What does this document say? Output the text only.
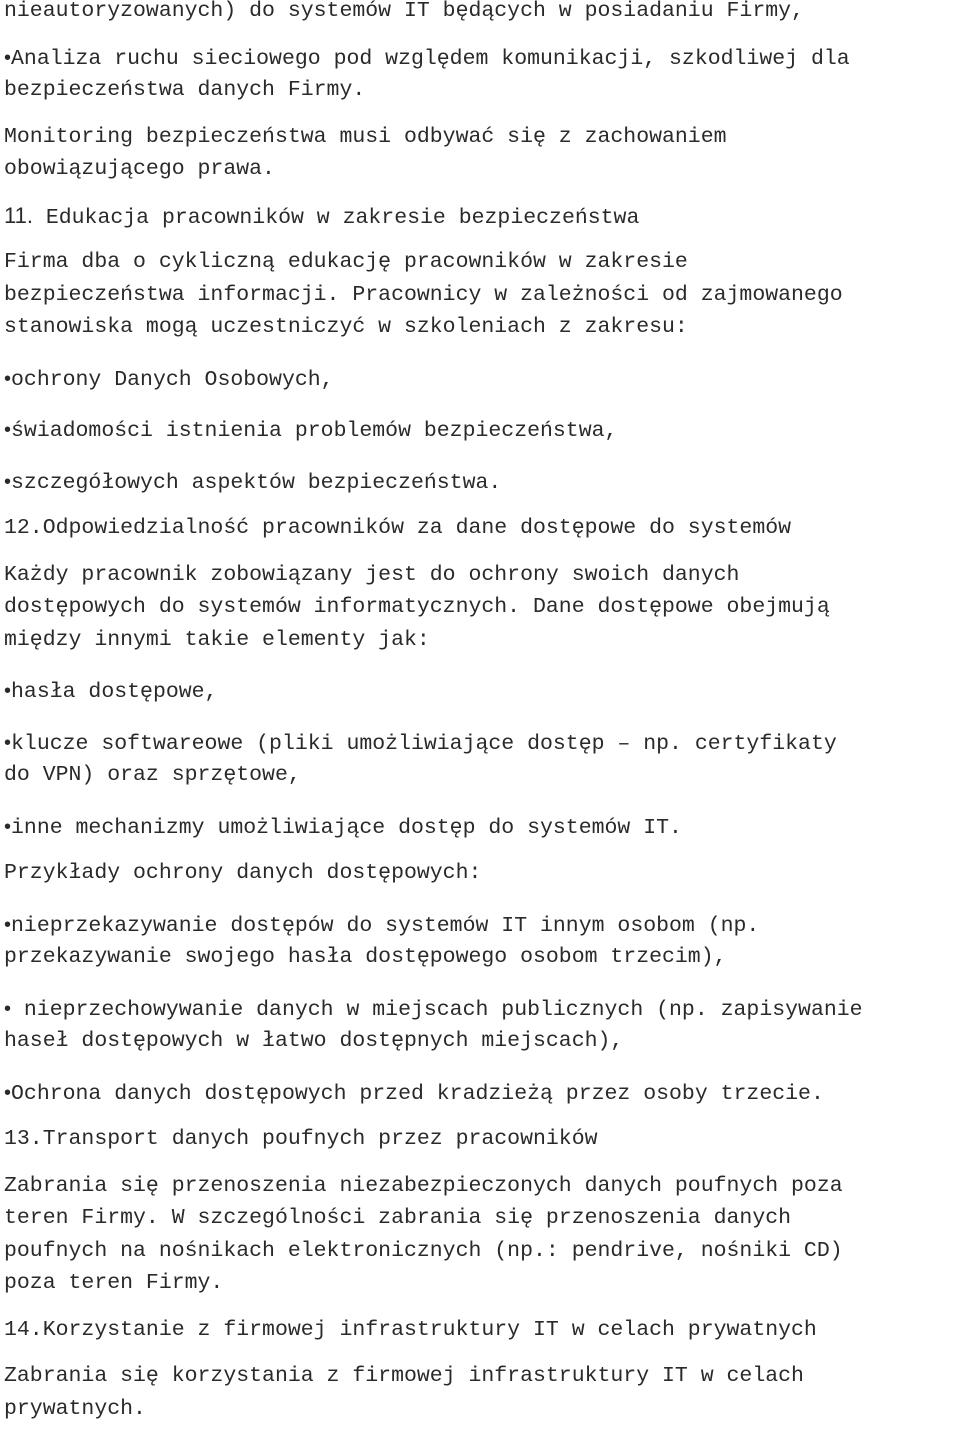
nieautoryzowanych) do systemów IT będących w posiadaniu Firmy,
•Analiza ruchu sieciowego pod względem komunikacji, szkodliwej dla
bezpieczeństwa danych Firmy.
Monitoring bezpieczeństwa musi odbywać się z zachowaniem
obowiązującego prawa.
11. Edukacja pracowników w zakresie bezpieczeństwa
Firma dba o cykliczną edukację pracowników w zakresie
bezpieczeństwa informacji. Pracownicy w zależności od zajmowanego
stanowiska mogą uczestniczyć w szkoleniach z zakresu:
•ochrony Danych Osobowych,
•świadomości istnienia problemów bezpieczeństwa,
•szczegółowych aspektów bezpieczeństwa.
12.Odpowiedzialność pracowników za dane dostępowe do systemów
Każdy pracownik zobowiązany jest do ochrony swoich danych
dostępowych do systemów informatycznych. Dane dostępowe obejmują
między innymi takie elementy jak:
•hasła dostępowe,
•klucze softwareowe (pliki umożliwiające dostęp – np. certyfikaty
do VPN) oraz sprzętowe,
•inne mechanizmy umożliwiające dostęp do systemów IT.
Przykłady ochrony danych dostępowych:
•nieprzekazywanie dostępów do systemów IT innym osobom (np.
przekazywanie swojego hasła dostępowego osobom trzecim),
• nieprzechowywanie danych w miejscach publicznych (np. zapisywanie
haseł dostępowych w łatwo dostępnych miejscach),
•Ochrona danych dostępowych przed kradzieżą przez osoby trzecie.
13.Transport danych poufnych przez pracowników
Zabrania się przenoszenia niezabezpieczonych danych poufnych poza
teren Firmy. W szczególności zabrania się przenoszenia danych
poufnych na nośnikach elektronicznych (np.: pendrive, nośniki CD)
poza teren Firmy.
14.Korzystanie z firmowej infrastruktury IT w celach prywatnych
Zabrania się korzystania z firmowej infrastruktury IT w celach
prywatnych.
